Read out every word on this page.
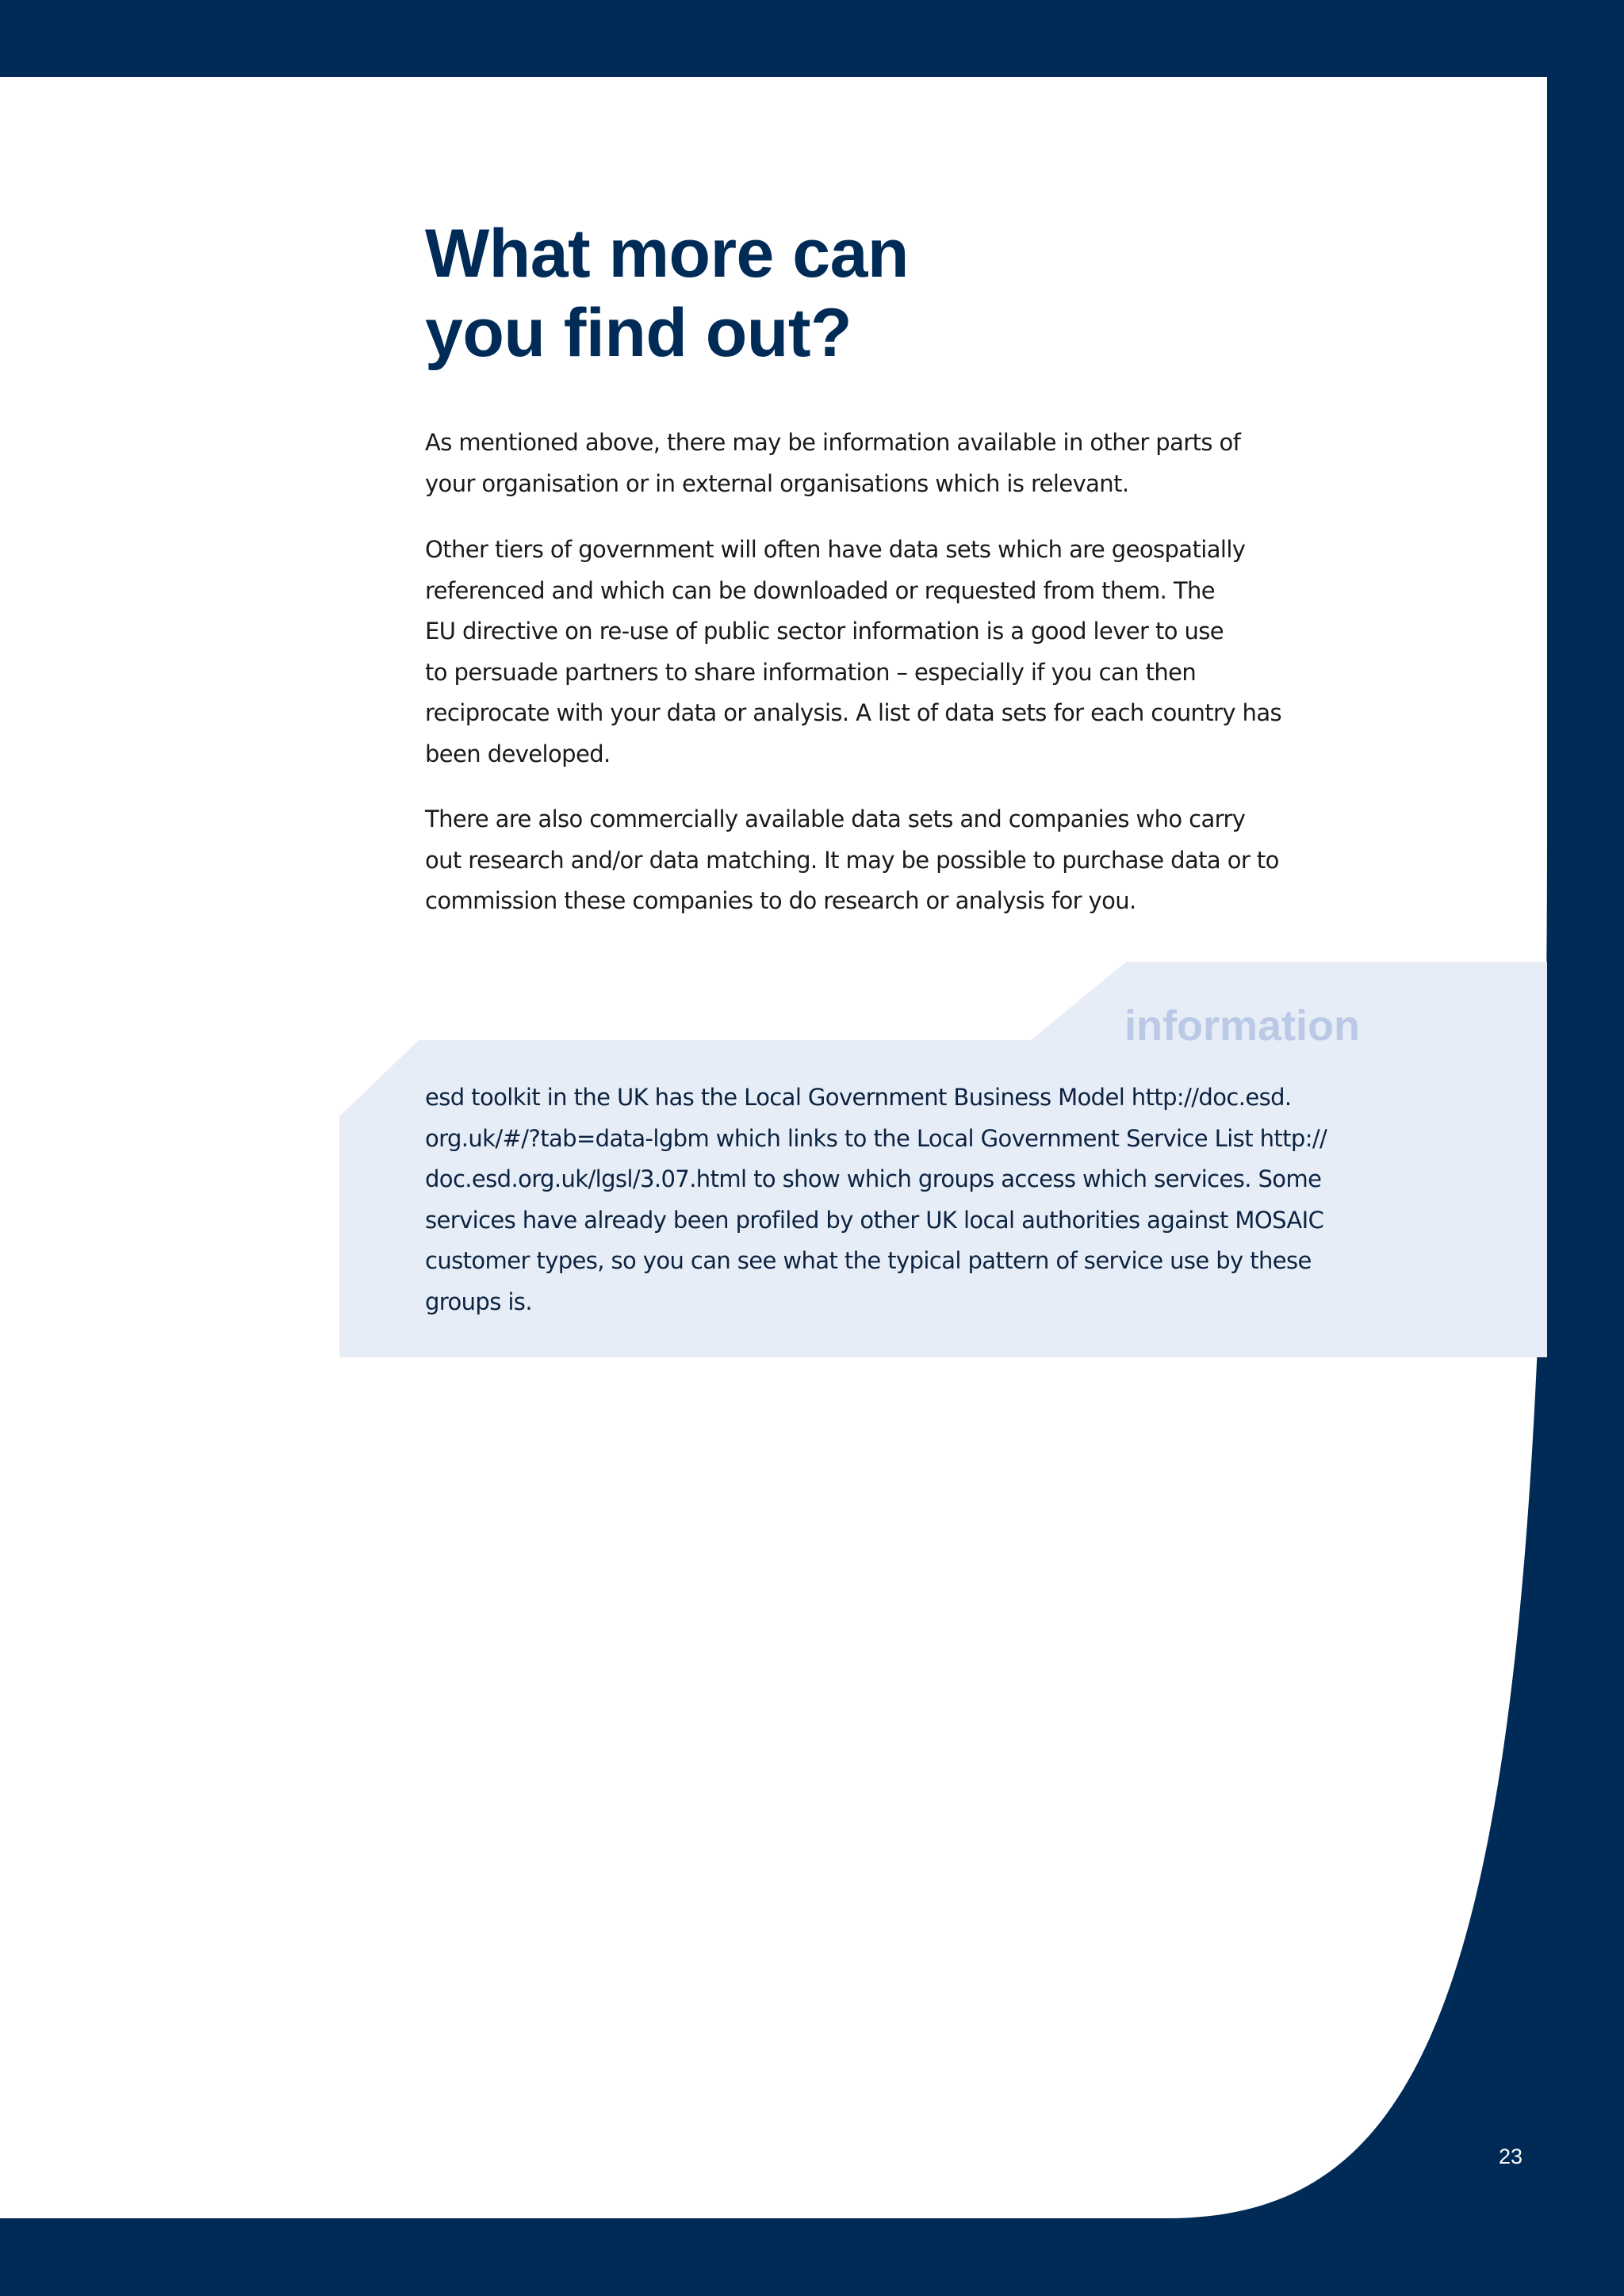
What more can
you find out?

As mentioned above, there may be information available in other parts of
your organisation or in external organisations which is relevant.

Other tiers of government will often have data sets which are geospatially
referenced and which can be downloaded or requested from them. The
EU directive on re-use of public sector information is a good lever to use
to persuade partners to share information – especially if you can then
reciprocate with your data or analysis. A list of data sets for each country has
been developed.

There are also commercially available data sets and companies who carry
out research and/or data matching. It may be possible to purchase data or to
commission these companies to do research or analysis for you.

information

esd toolkit in the UK has the Local Government Business Model http://doc.esd.
org.uk/#/?tab=data-lgbm which links to the Local Government Service List http://
doc.esd.org.uk/lgsl/3.07.html to show which groups access which services. Some
services have already been profiled by other UK local authorities against MOSAIC
customer types, so you can see what the typical pattern of service use by these
groups is.

23
